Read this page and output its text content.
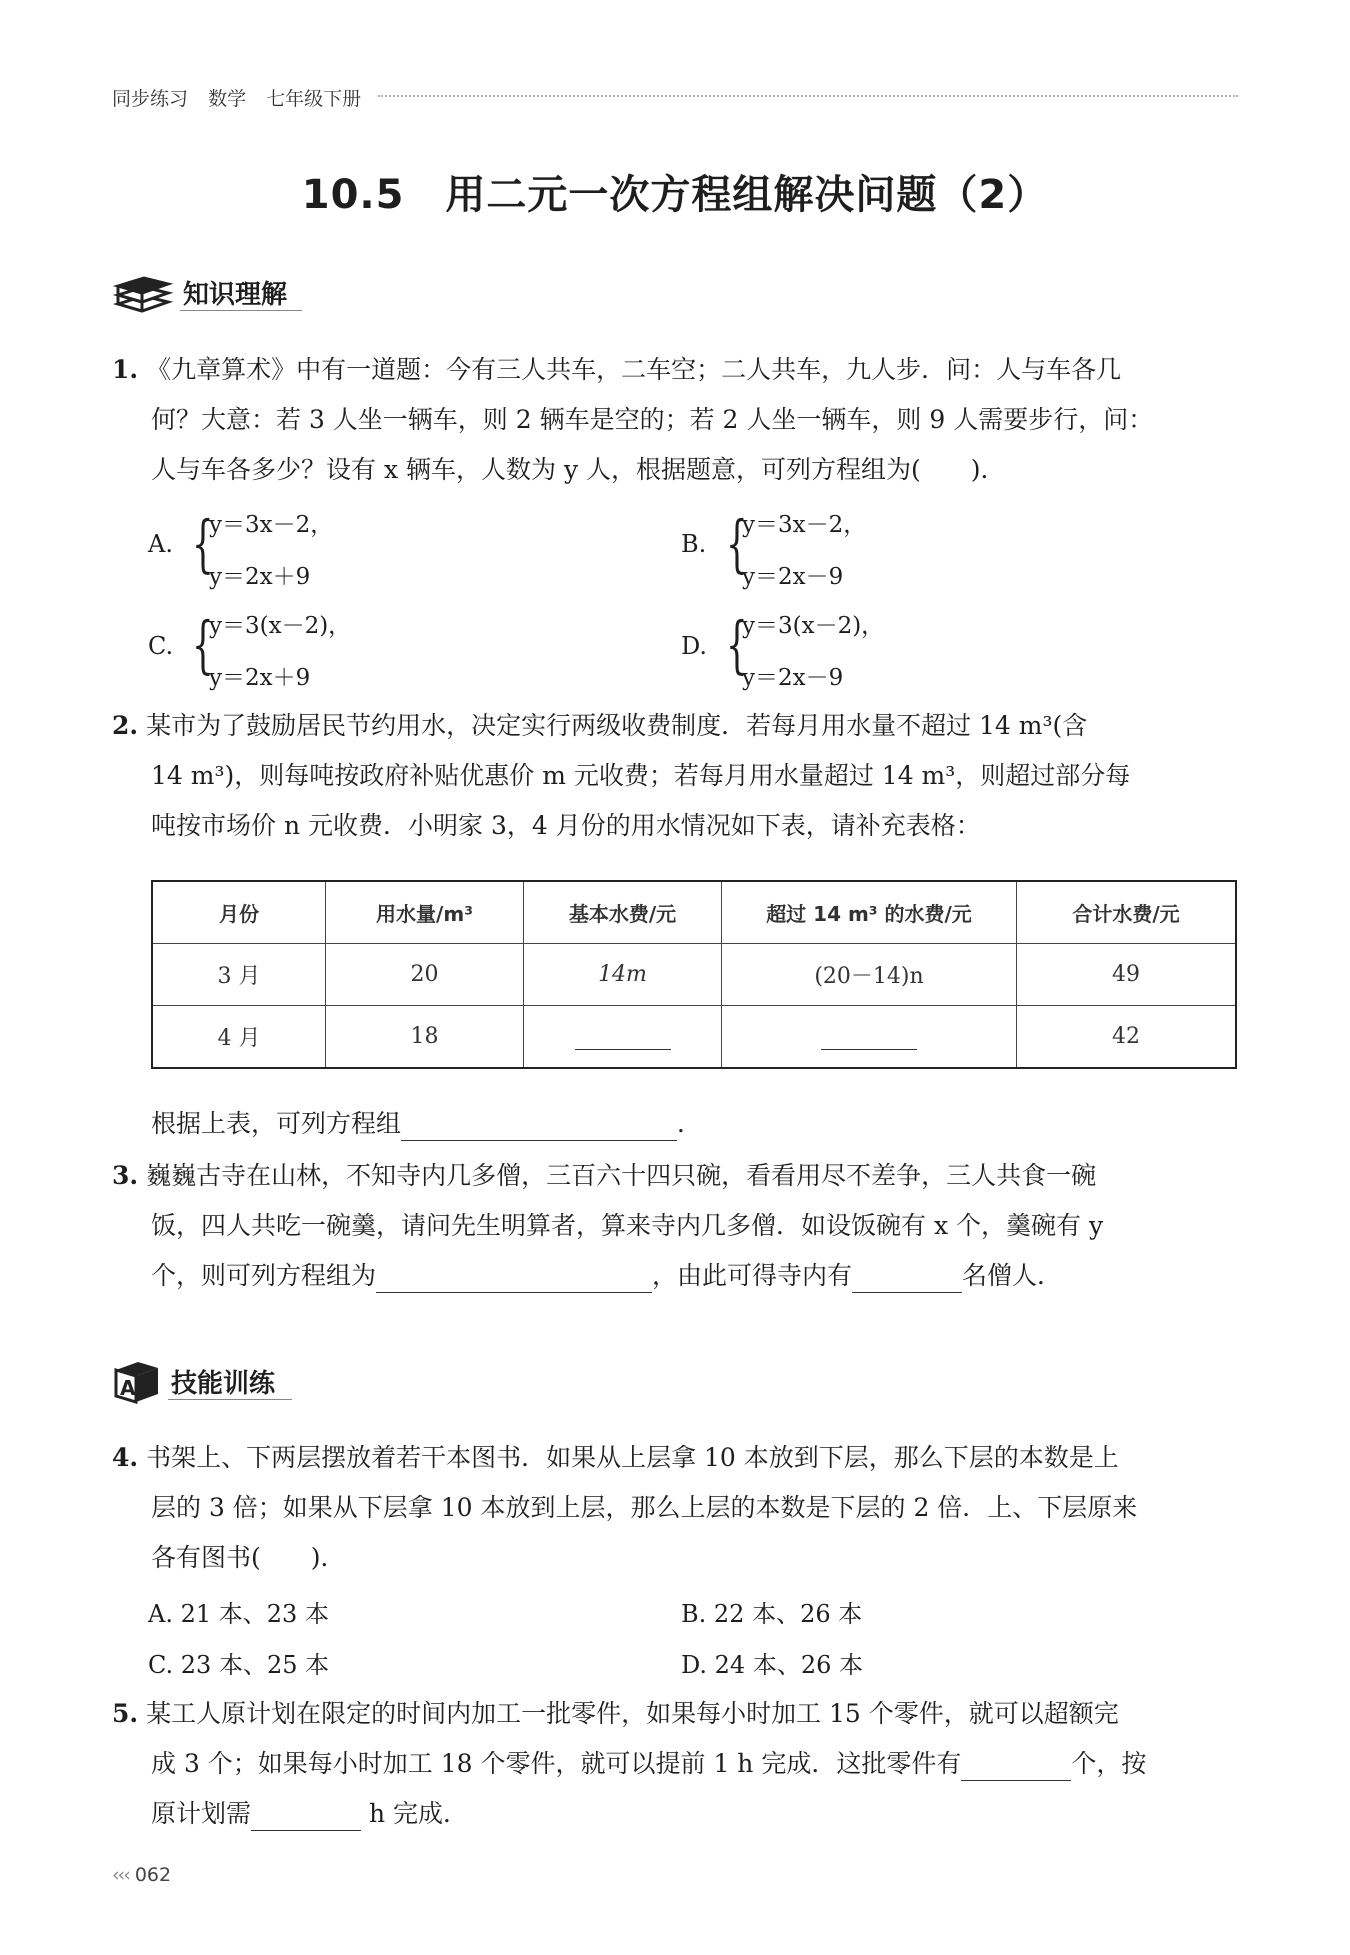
同步练习 数学 七年级下册
10.5　用二元一次方程组解决问题（2）
知识理解
1. 《九章算术》中有一道题：今有三人共车，二车空；二人共车，九人步．问：人与车各几
何？大意：若 3 人坐一辆车，则 2 辆车是空的；若 2 人坐一辆车，则 9 人需要步行，问：
人与车各多少？设有 x 辆车，人数为 y 人，根据题意，可列方程组为(　　)．
A. {
y＝3x－2，
y＝2x＋9
B. {
y＝3x－2，
y＝2x－9
C. {
y＝3(x－2)，
y＝2x＋9
D. {
y＝3(x－2)，
y＝2x－9
2. 某市为了鼓励居民节约用水，决定实行两级收费制度．若每月用水量不超过 14 m³(含
14 m³)，则每吨按政府补贴优惠价 m 元收费；若每月用水量超过 14 m³，则超过部分每
吨按市场价 n 元收费．小明家 3，4 月份的用水情况如下表，请补充表格：
月份	用水量/m³	基本水费/元	超过 14 m³ 的水费/元	合计水费/元
3 月	20	14m	(20－14)n	49
4 月	18			42
根据上表，可列方程组	．
3. 巍巍古寺在山林，不知寺内几多僧，三百六十四只碗，看看用尽不差争，三人共食一碗
饭，四人共吃一碗羹，请问先生明算者，算来寺内几多僧．如设饭碗有 x 个，羹碗有 y
个，则可列方程组为	，由此可得寺内有	名僧人．
A 技能训练
4. 书架上、下两层摆放着若干本图书．如果从上层拿 10 本放到下层，那么下层的本数是上
层的 3 倍；如果从下层拿 10 本放到上层，那么上层的本数是下层的 2 倍．上、下层原来
各有图书(　　)．
A. 21 本、23 本	B. 22 本、26 本
C. 23 本、25 本	D. 24 本、26 本
5. 某工人原计划在限定的时间内加工一批零件，如果每小时加工 15 个零件，就可以超额完
成 3 个；如果每小时加工 18 个零件，就可以提前 1 h 完成．这批零件有	个，按
原计划需	h 完成．
‹‹‹ 062
